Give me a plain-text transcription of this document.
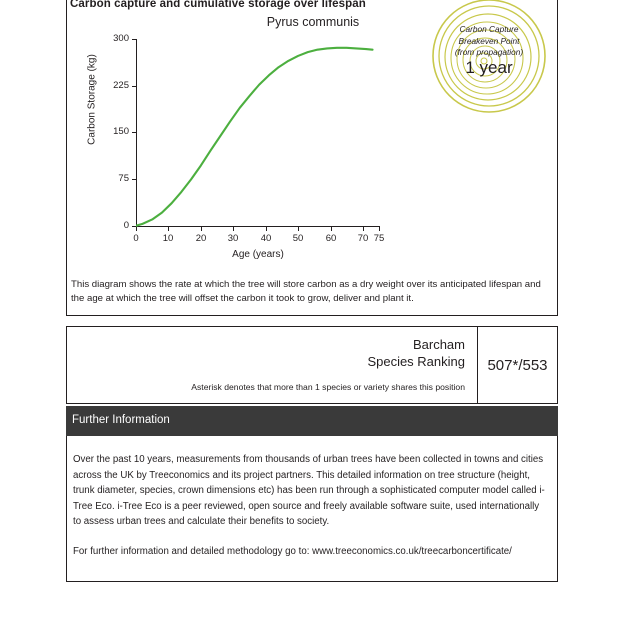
Pyrus communis
0
75
150
225
300
0	10	20	30	40	50	60	70 75
Age (years)
Carbon Storage (kg)
Carbon Capture
Breakeven Point
(from propagation)
1 year

This diagram shows the rate at which the tree will store carbon as a dry weight over its anticipated lifespan and the age at which the tree will offset the carbon it took to grow, deliver and plant it.

Carbon capture and cumulative storage over lifespan
Barcham
Species Ranking
Asterisk denotes that more than 1 species or variety shares this position
507*/553
Further Information

Over the past 10 years, measurements from thousands of urban trees have been collected in towns and cities across the UK by Treeconomics and its project partners. This detailed information on tree structure (height, trunk diameter, species, crown dimensions etc) has been run through a sophisticated computer model called i-Tree Eco. i-Tree Eco is a peer reviewed, open source and freely available software suite, used internationally to assess urban trees and calculate their benefits to society.

For further information and detailed methodology go to: www.treeconomics.co.uk/treecarboncertificate/
